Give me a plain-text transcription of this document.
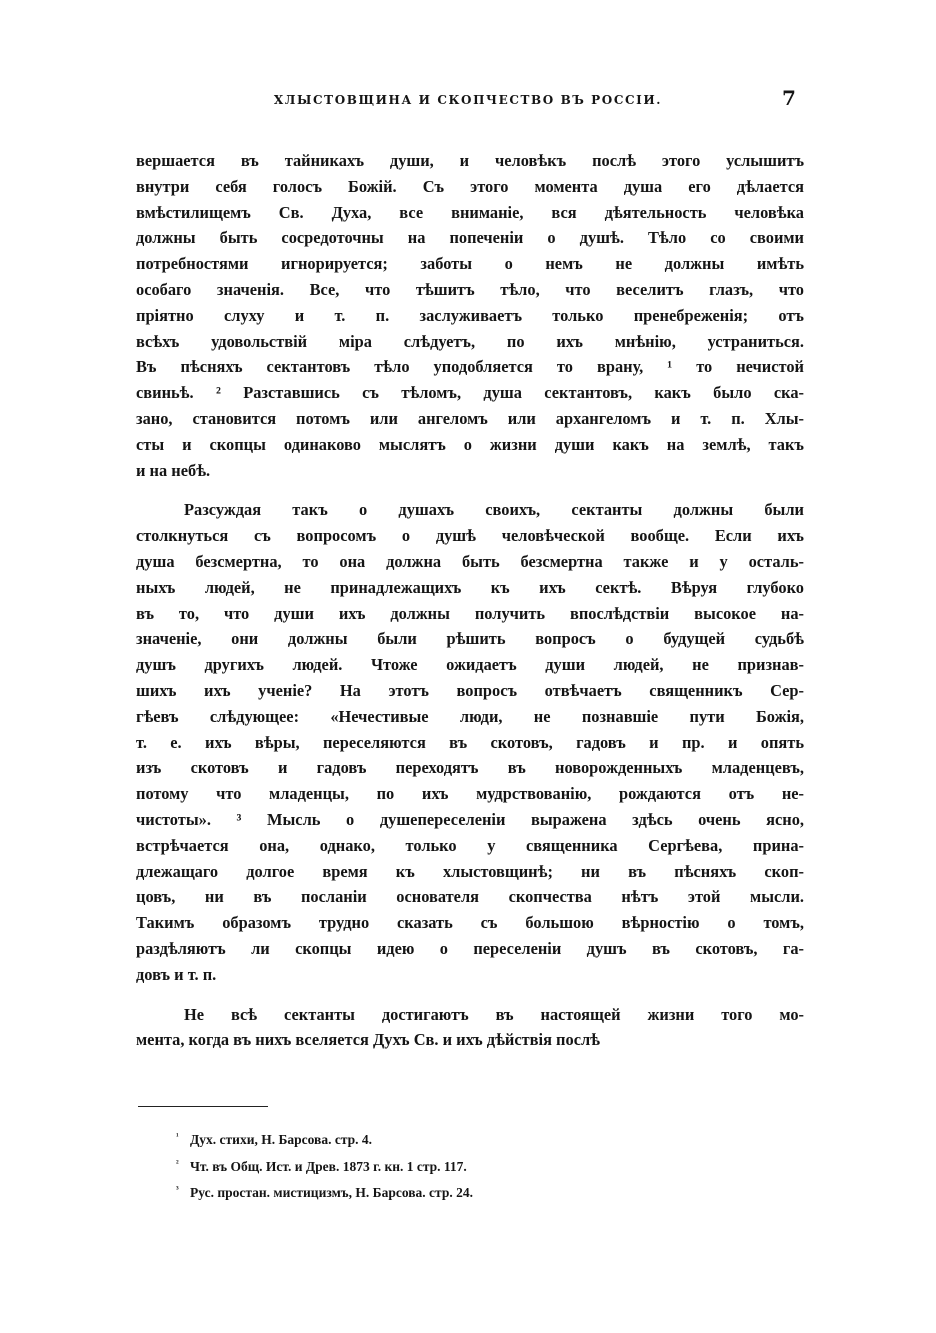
ХЛЫСТОВЩИНА И СКОПЧЕСТВО ВЪ РОССІИ.	7
вершается въ тайникахъ души, и человѣкъ послѣ этого услышитъ
внутри себя голосъ Божій. Съ этого момента душа его дѣлается
вмѣстилищемъ Св. Духа, все вниманіе, вся дѣятельность человѣка
должны быть сосредоточны на попеченіи о душѣ. Тѣло со своими
потребностями игнорируется; заботы о немъ не должны имѣть
особаго значенія. Все, что тѣшитъ тѣло, что веселитъ глазъ, что
пріятно слуху и т. п. заслуживаетъ только пренебреженія; отъ
всѣхъ удовольствій міра слѣдуетъ, по ихъ мнѣнію, устраниться.
Въ пѣсняхъ сектантовъ тѣло уподобляется то врану, ¹ то нечистой
свиньѣ. ² Разставшись съ тѣломъ, душа сектантовъ, какъ было ска-
зано, становится потомъ или ангеломъ или архангеломъ и т. п. Хлы-
сты и скопцы одинаково мыслятъ о жизни души какъ на землѣ, такъ
и на небѣ.
Разсуждая такъ о душахъ своихъ, сектанты должны были
столкнуться съ вопросомъ о душѣ человѣческой вообще. Если ихъ
душа безсмертна, то она должна быть безсмертна также и у осталь-
ныхъ людей, не принадлежащихъ къ ихъ сектѣ. Вѣруя глубоко
въ то, что души ихъ должны получить впослѣдствіи высокое на-
значеніе, они должны были рѣшить вопросъ о будущей судьбѣ
душъ другихъ людей. Чтоже ожидаетъ души людей, не признав-
шихъ ихъ ученіе? На этотъ вопросъ отвѣчаетъ священникъ Сер-
гѣевъ слѣдующее: «Нечестивые люди, не познавшіе пути Божія,
т. е. ихъ вѣры, переселяются въ скотовъ, гадовъ и пр. и опять
изъ скотовъ и гадовъ переходятъ въ новорожденныхъ младенцевъ,
потому что младенцы, по ихъ мудрствованію, рождаются отъ не-
чистоты». ³ Мысль о душепереселеніи выражена здѣсь очень ясно,
встрѣчается она, однако, только у священника Сергѣева, прина-
длежащаго долгое время къ хлыстовщинѣ; ни въ пѣсняхъ скоп-
цовъ, ни въ посланіи основателя скопчества нѣтъ этой мысли.
Такимъ образомъ трудно сказать съ большою вѣрностію о томъ,
раздѣляютъ ли скопцы идею о переселеніи душъ въ скотовъ, га-
довъ и т. п.
Не всѣ сектанты достигаютъ въ настоящей жизни того мо-
мента, когда въ нихъ вселяется Духъ Св. и ихъ дѣйствія послѣ
¹ Дух. стихи, Н. Барсова. стр. 4.
² Чт. въ Общ. Ист. и Древ. 1873 г. кн. 1 стр. 117.
³ Рус. простан. мистицизмъ, Н. Барсова. стр. 24.
